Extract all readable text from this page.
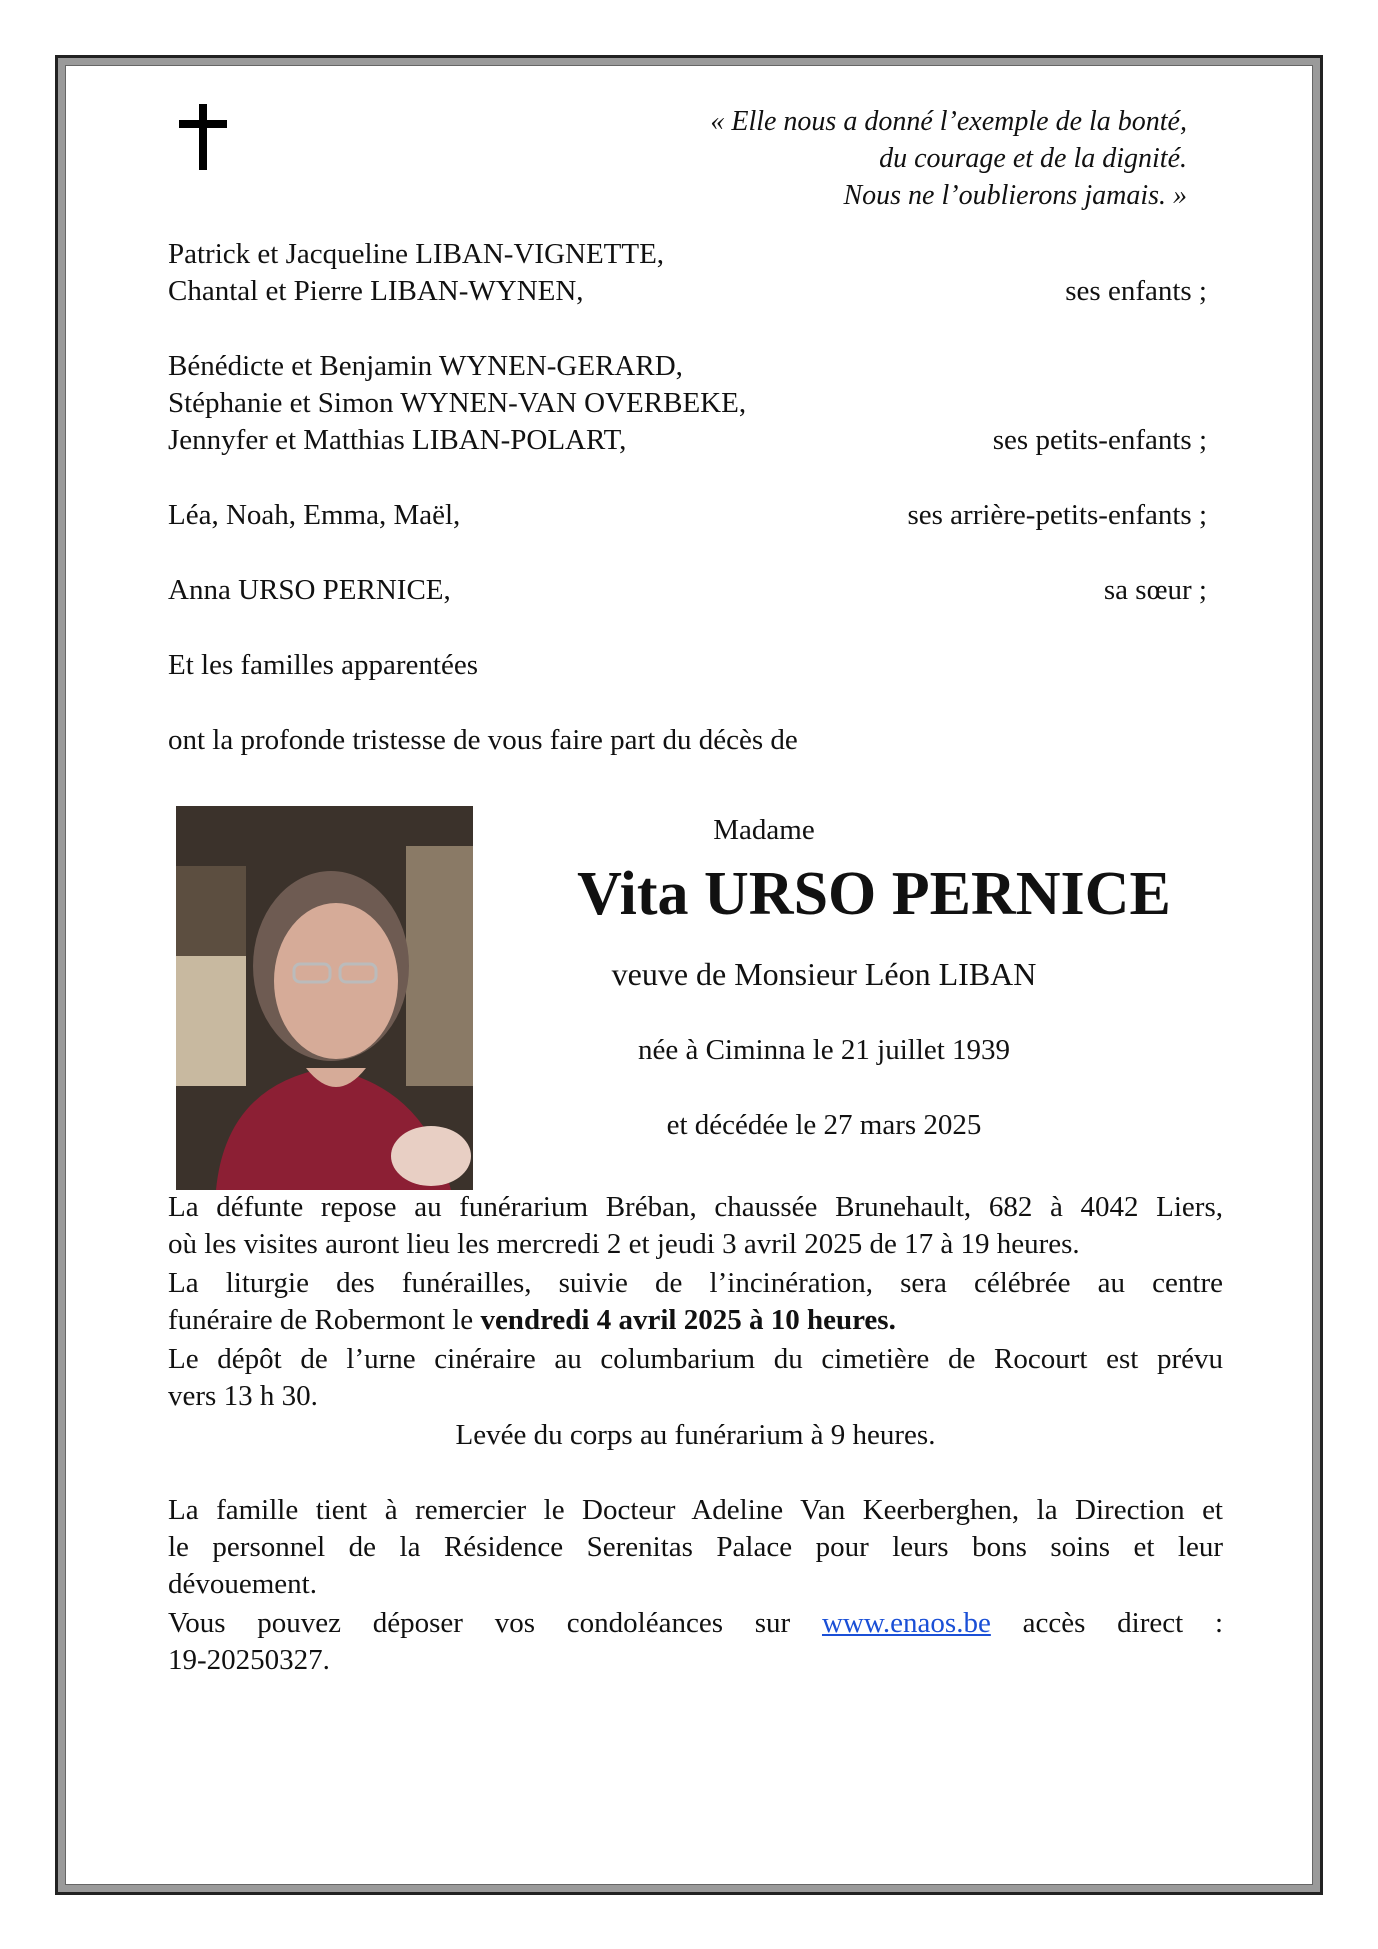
« Elle nous a donné l’exemple de la bonté,
du courage et de la dignité.
Nous ne l’oublierons jamais. »
Patrick et Jacqueline LIBAN-VIGNETTE,
Chantal et Pierre LIBAN-WYNEN,	ses enfants ;
Bénédicte et Benjamin WYNEN-GERARD,
Stéphanie et Simon WYNEN-VAN OVERBEKE,
Jennyfer et Matthias LIBAN-POLART,	ses petits-enfants ;
Léa, Noah, Emma, Maël,	ses arrière-petits-enfants ;
Anna URSO PERNICE,	sa sœur ;
Et les familles apparentées
ont la profonde tristesse de vous faire part du décès de
Madame
Vita URSO PERNICE
veuve de Monsieur Léon LIBAN
née à Ciminna le 21 juillet 1939
et décédée le 27 mars 2025
La défunte repose au funérarium Bréban, chaussée Brunehault, 682 à 4042 Liers,
où les visites auront lieu les mercredi 2 et jeudi 3 avril 2025 de 17 à 19 heures.
La liturgie des funérailles, suivie de l’incinération, sera célébrée au centre
funéraire de Robermont le vendredi 4 avril 2025 à 10 heures.
Le dépôt de l’urne cinéraire au columbarium du cimetière de Rocourt est prévu
vers 13 h 30.
Levée du corps au funérarium à 9 heures.
La famille tient à remercier le Docteur Adeline Van Keerberghen, la Direction et
le personnel de la Résidence Serenitas Palace pour leurs bons soins et leur
dévouement.
Vous pouvez déposer vos condoléances sur www.enaos.be accès direct :
19-20250327.
